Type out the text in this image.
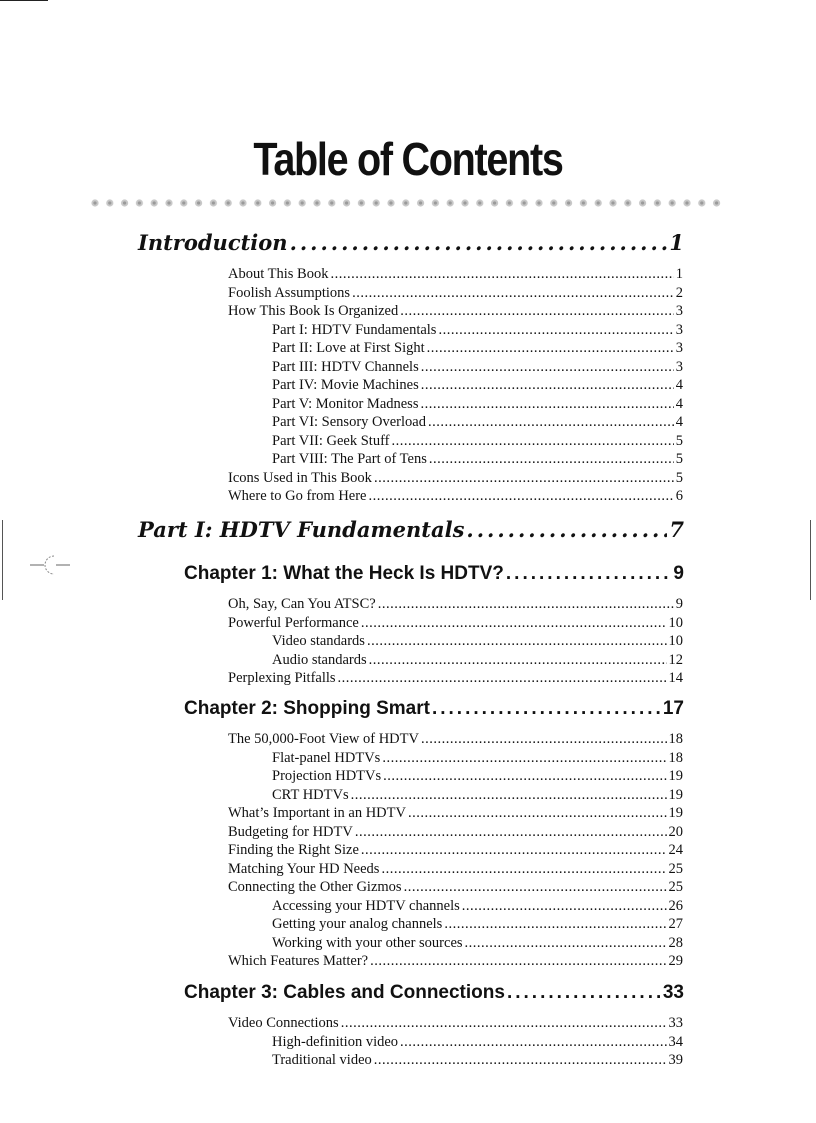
Table of Contents
Introduction .....	1
About This Book .....	1
Foolish Assumptions .....	2
How This Book Is Organized .....	3
Part I: HDTV Fundamentals .....	3
Part II: Love at First Sight .....	3
Part III: HDTV Channels .....	3
Part IV: Movie Machines .....	4
Part V: Monitor Madness .....	4
Part VI: Sensory Overload .....	4
Part VII: Geek Stuff .....	5
Part VIII: The Part of Tens .....	5
Icons Used in This Book .....	5
Where to Go from Here .....	6
Part I: HDTV Fundamentals .....	7
Chapter 1: What the Heck Is HDTV? .....	9
Oh, Say, Can You ATSC? .....	9
Powerful Performance .....	10
Video standards .....	10
Audio standards .....	12
Perplexing Pitfalls .....	14
Chapter 2: Shopping Smart .....	17
The 50,000-Foot View of HDTV .....	18
Flat-panel HDTVs .....	18
Projection HDTVs .....	19
CRT HDTVs .....	19
What’s Important in an HDTV .....	19
Budgeting for HDTV .....	20
Finding the Right Size .....	24
Matching Your HD Needs .....	25
Connecting the Other Gizmos .....	25
Accessing your HDTV channels .....	26
Getting your analog channels .....	27
Working with your other sources .....	28
Which Features Matter? .....	29
Chapter 3: Cables and Connections .....	33
Video Connections .....	33
High-definition video .....	34
Traditional video .....	39
